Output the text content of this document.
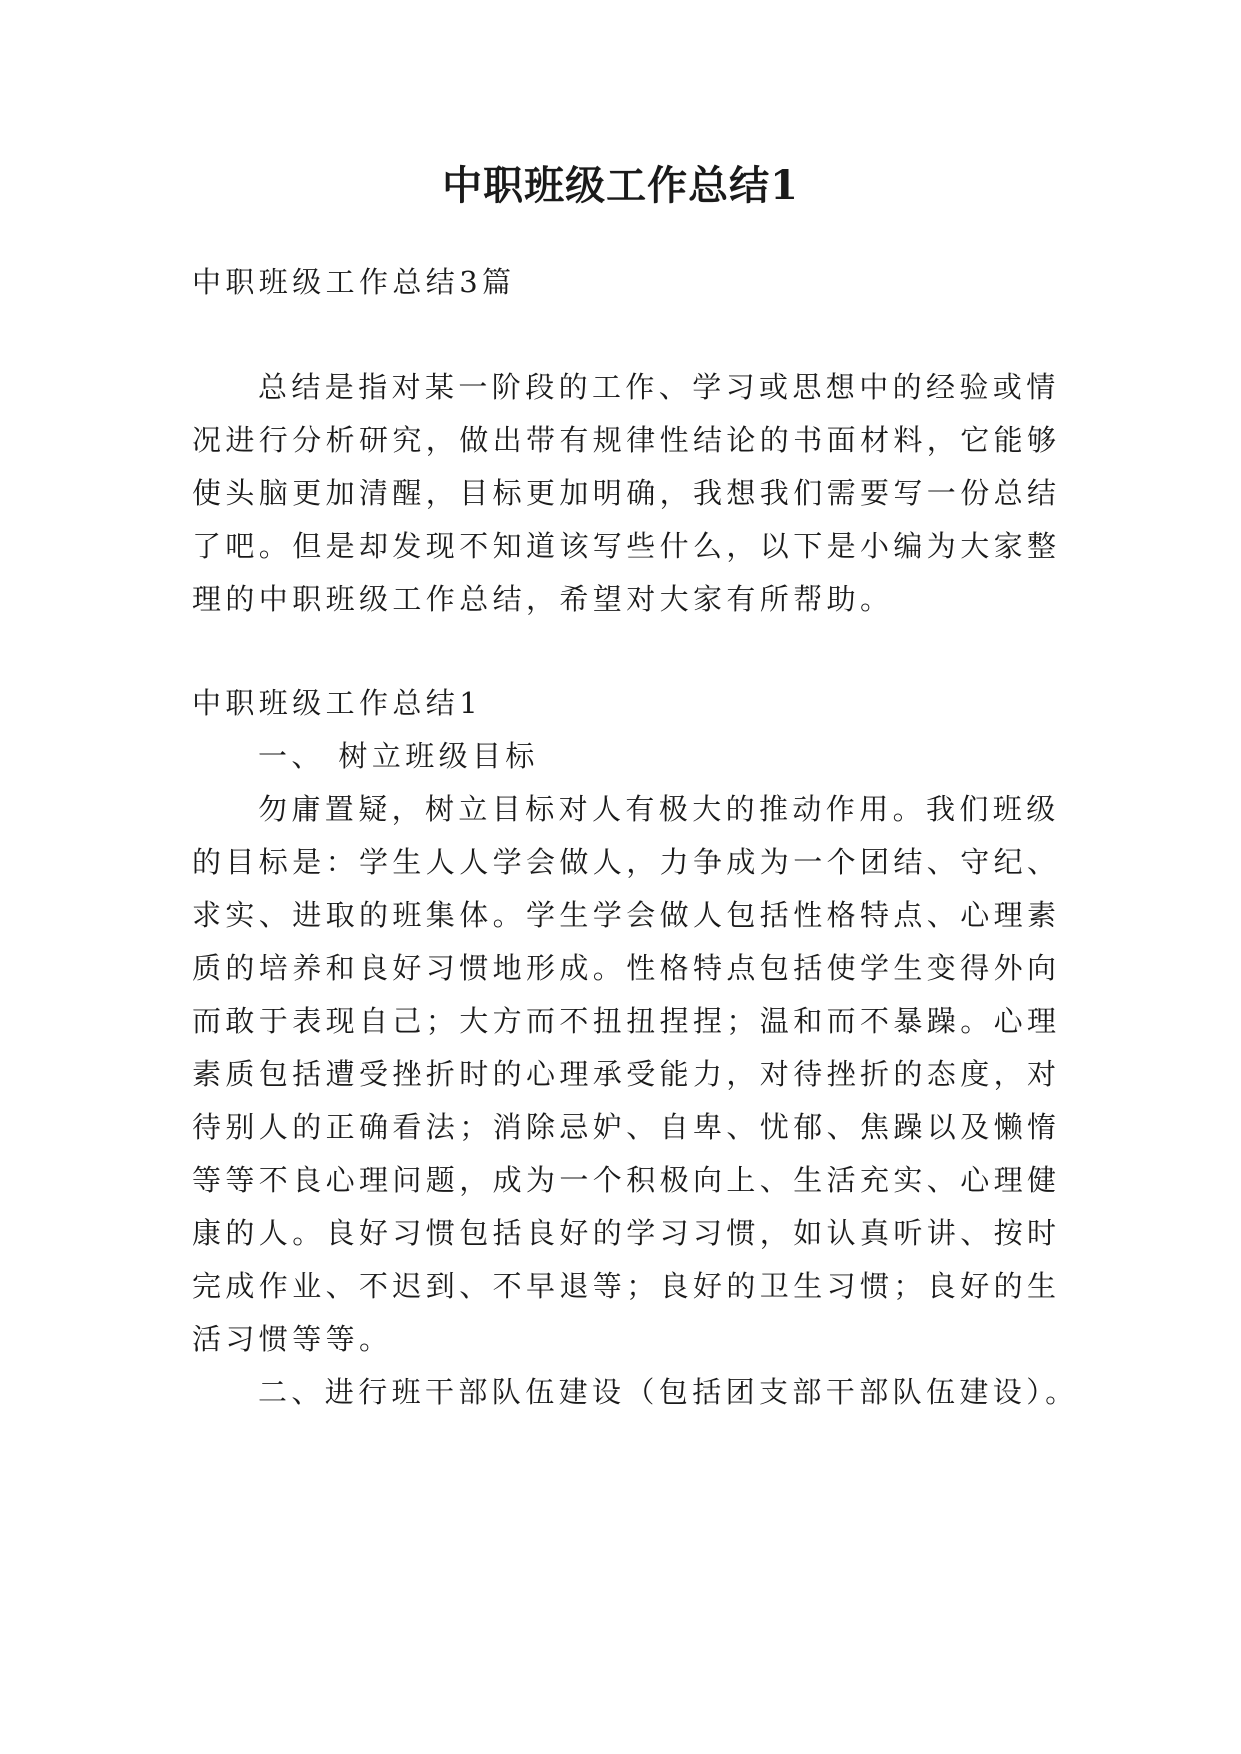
中职班级工作总结1

中职班级工作总结3篇

总结是指对某一阶段的工作、学习或思想中的经验或情

况进行分析研究，做出带有规律性结论的书面材料，它能够

使头脑更加清醒，目标更加明确，我想我们需要写一份总结

了吧。但是却发现不知道该写些什么，以下是小编为大家整

理的中职班级工作总结，希望对大家有所帮助。

中职班级工作总结1

一、 树立班级目标

勿庸置疑，树立目标对人有极大的推动作用。我们班级

的目标是：学生人人学会做人，力争成为一个团结、守纪、

求实、进取的班集体。学生学会做人包括性格特点、心理素

质的培养和良好习惯地形成。性格特点包括使学生变得外向

而敢于表现自己；大方而不扭扭捏捏；温和而不暴躁。心理

素质包括遭受挫折时的心理承受能力，对待挫折的态度，对

待别人的正确看法；消除忌妒、自卑、忧郁、焦躁以及懒惰

等等不良心理问题，成为一个积极向上、生活充实、心理健

康的人。良好习惯包括良好的学习习惯，如认真听讲、按时

完成作业、不迟到、不早退等；良好的卫生习惯；良好的生

活习惯等等。

二、进行班干部队伍建设（包括团支部干部队伍建设）。
